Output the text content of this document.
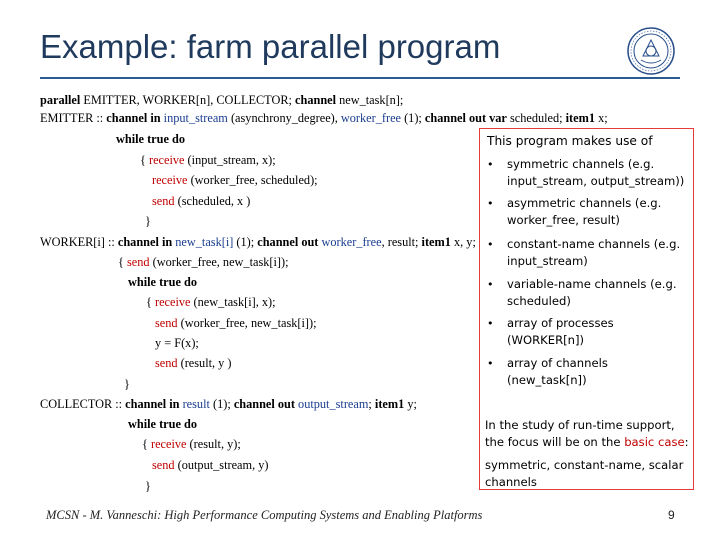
Example: farm parallel program
parallel EMITTER, WORKER[n], COLLECTOR; channel new_task[n];
EMITTER :: channel in input_stream (asynchrony_degree), worker_free (1); channel out var scheduled; item1 x;
while true do
{ receive (input_stream, x);
receive (worker_free, scheduled);
send (scheduled, x )
}
WORKER[i] :: channel in new_task[i] (1); channel out worker_free, result; item1 x, y;
{ send (worker_free, new_task[i]);
while true do
{ receive (new_task[i], x);
send (worker_free, new_task[i]);
y = F(x);
send (result, y )
}
COLLECTOR :: channel in result (1); channel out output_stream; item1 y;
while true do
{ receive (result, y);
send (output_stream, y)
}
This program makes use of
• symmetric channels (e.g.
input_stream, output_stream))
• asymmetric channels (e.g.
worker_free, result)
• constant-name channels (e.g.
input_stream)
• variable-name channels (e.g.
scheduled)
• array of processes
(WORKER[n])
• array of channels
(new_task[n])
In the study of run-time support,
the focus will be on the basic case:
symmetric, constant-name, scalar
channels
MCSN - M. Vanneschi: High Performance Computing Systems and Enabling Platforms	9
